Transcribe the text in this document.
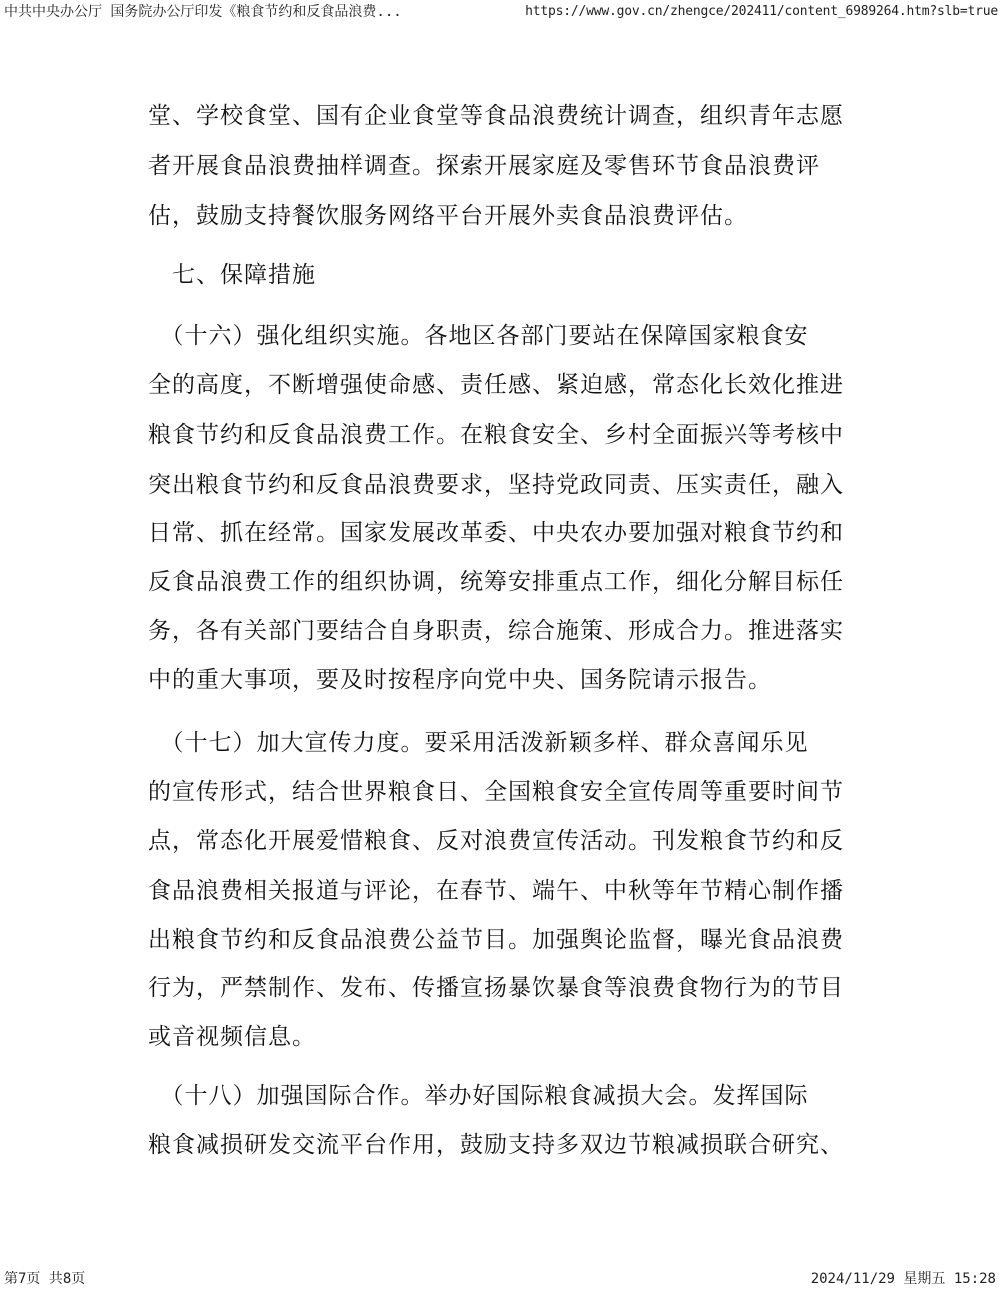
中共中央办公厅 国务院办公厅印发《粮食节约和反食品浪费...	https://www.gov.cn/zhengce/202411/content_6989264.htm?slb=true
堂、学校食堂、国有企业食堂等食品浪费统计调查，组织青年志愿
者开展食品浪费抽样调查。探索开展家庭及零售环节食品浪费评
估，鼓励支持餐饮服务网络平台开展外卖食品浪费评估。
　七、保障措施
　（十六）强化组织实施。各地区各部门要站在保障国家粮食安
全的高度，不断增强使命感、责任感、紧迫感，常态化长效化推进
粮食节约和反食品浪费工作。在粮食安全、乡村全面振兴等考核中
突出粮食节约和反食品浪费要求，坚持党政同责、压实责任，融入
日常、抓在经常。国家发展改革委、中央农办要加强对粮食节约和
反食品浪费工作的组织协调，统筹安排重点工作，细化分解目标任
务，各有关部门要结合自身职责，综合施策、形成合力。推进落实
中的重大事项，要及时按程序向党中央、国务院请示报告。
　（十七）加大宣传力度。要采用活泼新颖多样、群众喜闻乐见
的宣传形式，结合世界粮食日、全国粮食安全宣传周等重要时间节
点，常态化开展爱惜粮食、反对浪费宣传活动。刊发粮食节约和反
食品浪费相关报道与评论，在春节、端午、中秋等年节精心制作播
出粮食节约和反食品浪费公益节目。加强舆论监督，曝光食品浪费
行为，严禁制作、发布、传播宣扬暴饮暴食等浪费食物行为的节目
或音视频信息。
　（十八）加强国际合作。举办好国际粮食减损大会。发挥国际
粮食减损研发交流平台作用，鼓励支持多双边节粮减损联合研究、
第7页 共8页	2024/11/29 星期五 15:28
